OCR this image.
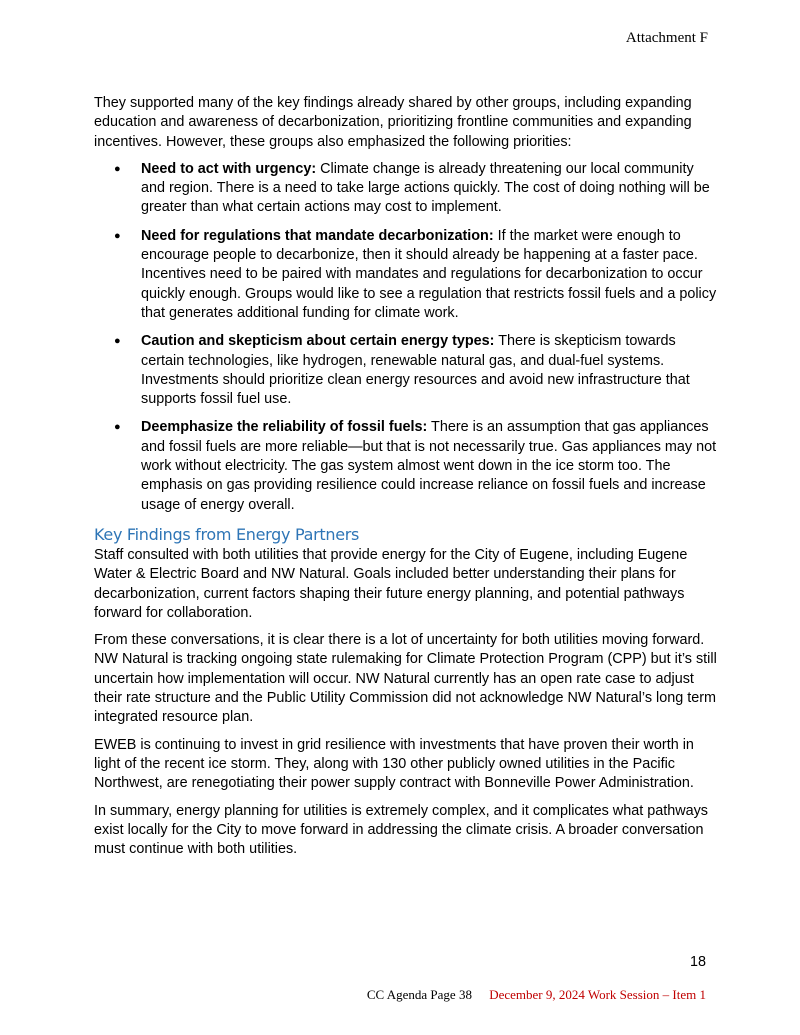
Attachment F

They supported many of the key findings already shared by other groups, including expanding education and awareness of decarbonization, prioritizing frontline communities and expanding incentives. However, these groups also emphasized the following priorities:

● Need to act with urgency: Climate change is already threatening our local community and region. There is a need to take large actions quickly. The cost of doing nothing will be greater than what certain actions may cost to implement.
● Need for regulations that mandate decarbonization: If the market were enough to encourage people to decarbonize, then it should already be happening at a faster pace. Incentives need to be paired with mandates and regulations for decarbonization to occur quickly enough. Groups would like to see a regulation that restricts fossil fuels and a policy that generates additional funding for climate work.
● Caution and skepticism about certain energy types: There is skepticism towards certain technologies, like hydrogen, renewable natural gas, and dual-fuel systems. Investments should prioritize clean energy resources and avoid new infrastructure that supports fossil fuel use.
● Deemphasize the reliability of fossil fuels: There is an assumption that gas appliances and fossil fuels are more reliable—but that is not necessarily true. Gas appliances may not work without electricity. The gas system almost went down in the ice storm too. The emphasis on gas providing resilience could increase reliance on fossil fuels and increase usage of energy overall.
Key Findings from Energy Partners

Staff consulted with both utilities that provide energy for the City of Eugene, including Eugene Water & Electric Board and NW Natural. Goals included better understanding their plans for decarbonization, current factors shaping their future energy planning, and potential pathways forward for collaboration.

From these conversations, it is clear there is a lot of uncertainty for both utilities moving forward. NW Natural is tracking ongoing state rulemaking for Climate Protection Program (CPP) but it’s still uncertain how implementation will occur. NW Natural currently has an open rate case to adjust their rate structure and the Public Utility Commission did not acknowledge NW Natural’s long term integrated resource plan.

EWEB is continuing to invest in grid resilience with investments that have proven their worth in light of the recent ice storm. They, along with 130 other publicly owned utilities in the Pacific Northwest, are renegotiating their power supply contract with Bonneville Power Administration.

In summary, energy planning for utilities is extremely complex, and it complicates what pathways exist locally for the City to move forward in addressing the climate crisis. A broader conversation must continue with both utilities.

18
CC Agenda Page 38 December 9, 2024 Work Session – Item 1
